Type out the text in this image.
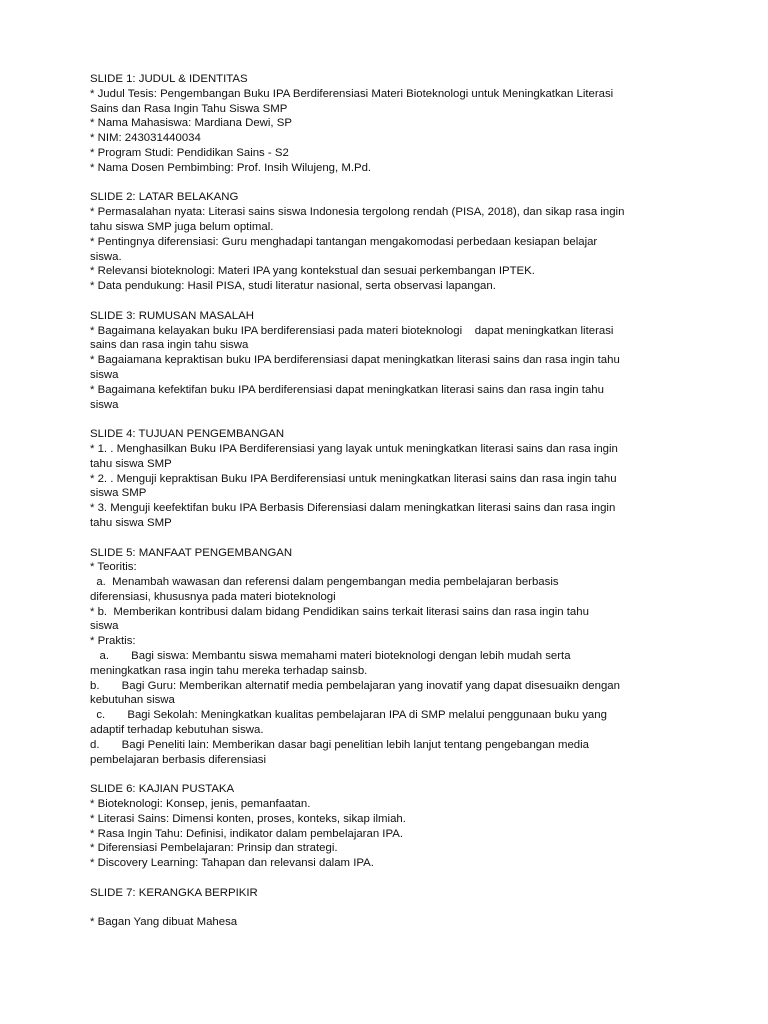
SLIDE 1: JUDUL & IDENTITAS
* Judul Tesis: Pengembangan Buku IPA Berdiferensiasi Materi Bioteknologi untuk Meningkatkan Literasi
Sains dan Rasa Ingin Tahu Siswa SMP
* Nama Mahasiswa: Mardiana Dewi, SP
* NIM: 243031440034
* Program Studi: Pendidikan Sains - S2
* Nama Dosen Pembimbing: Prof. Insih Wilujeng, M.Pd.
SLIDE 2: LATAR BELAKANG
* Permasalahan nyata: Literasi sains siswa Indonesia tergolong rendah (PISA, 2018), dan sikap rasa ingin
tahu siswa SMP juga belum optimal.
* Pentingnya diferensiasi: Guru menghadapi tantangan mengakomodasi perbedaan kesiapan belajar
siswa.
* Relevansi bioteknologi: Materi IPA yang kontekstual dan sesuai perkembangan IPTEK.
* Data pendukung: Hasil PISA, studi literatur nasional, serta observasi lapangan.
SLIDE 3: RUMUSAN MASALAH
* Bagaimana kelayakan buku IPA berdiferensiasi pada materi bioteknologi    dapat meningkatkan literasi
sains dan rasa ingin tahu siswa
* Bagaiamana kepraktisan buku IPA berdiferensiasi dapat meningkatkan literasi sains dan rasa ingin tahu
siswa
* Bagaimana kefektifan buku IPA berdiferensiasi dapat meningkatkan literasi sains dan rasa ingin tahu
siswa
SLIDE 4: TUJUAN PENGEMBANGAN
* 1. . Menghasilkan Buku IPA Berdiferensiasi yang layak untuk meningkatkan literasi sains dan rasa ingin
tahu siswa SMP
* 2. . Menguji kepraktisan Buku IPA Berdiferensiasi untuk meningkatkan literasi sains dan rasa ingin tahu
siswa SMP
* 3. Menguji keefektifan buku IPA Berbasis Diferensiasi dalam meningkatkan literasi sains dan rasa ingin
tahu siswa SMP
SLIDE 5: MANFAAT PENGEMBANGAN
* Teoritis:
a.  Menambah wawasan dan referensi dalam pengembangan media pembelajaran berbasis
diferensiasi, khususnya pada materi bioteknologi
* b.  Memberikan kontribusi dalam bidang Pendidikan sains terkait literasi sains dan rasa ingin tahu
siswa
* Praktis:
a.       Bagi siswa: Membantu siswa memahami materi bioteknologi dengan lebih mudah serta
meningkatkan rasa ingin tahu mereka terhadap sainsb.
b.       Bagi Guru: Memberikan alternatif media pembelajaran yang inovatif yang dapat disesuaikn dengan
kebutuhan siswa
c.       Bagi Sekolah: Meningkatkan kualitas pembelajaran IPA di SMP melalui penggunaan buku yang
adaptif terhadap kebutuhan siswa.
d.       Bagi Peneliti lain: Memberikan dasar bagi penelitian lebih lanjut tentang pengebangan media
pembelajaran berbasis diferensiasi
SLIDE 6: KAJIAN PUSTAKA
* Bioteknologi: Konsep, jenis, pemanfaatan.
* Literasi Sains: Dimensi konten, proses, konteks, sikap ilmiah.
* Rasa Ingin Tahu: Definisi, indikator dalam pembelajaran IPA.
* Diferensiasi Pembelajaran: Prinsip dan strategi.
* Discovery Learning: Tahapan dan relevansi dalam IPA.
SLIDE 7: KERANGKA BERPIKIR
* Bagan Yang dibuat Mahesa
